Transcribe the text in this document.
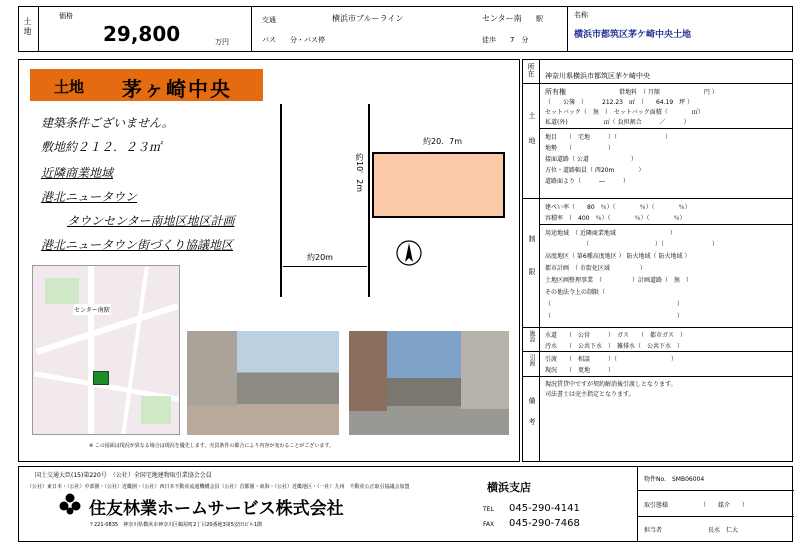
土地
価格
29,800	万円
交通	横浜市ブルーライン	センター南 駅
バス　　分・バス停	徒歩　　7　分
名称
横浜市都筑区茅ケ崎中央土地
土地 茅ヶ崎中央
建築条件ございません。
敷地約２１２．２３㎡
近隣商業地域
港北ニュータウン
タウンセンター南地区地区計画
港北ニュータウン街づくり協議地区
約20．7m
約10．2m
約20m
センター南駅
※ この図面は現況が異なる場合は現況を優先します。売買条件の都合により内容が変わることがございます。
所在 神奈川県横浜市都筑区茅ケ崎中央
土地
所有権	借地料　（ 月額　　　　　　　 円 ）
（　　公簿　）　　　212.23　㎡　（　　64.19　坪 ）
セットバック（　無　）　セットバック面積（　　　　㎡）
私道(外)　　　　　　㎡（ 負担割合　　　／　　　）
地目　　（　宅地　　　）（　　　　　　　　）
地勢　　（　　　　　　）
接面道路（ 公道　　　　　　　）
方位・道路幅員（ 西20m　　　　）
道路面より（　　　―　　　）
制限
建ぺい率（　　80　％）（　　　　％）（　　　　％）
容積率　（　400　％）（　　　　％）（　　　　％）
用途地域　（ 近隣商業地域　　　　　　　　　）
（　　　　　　　　　　　）（　　　　　　　　）
高度地区（ 第6種高度地区 ） 防火地域（ 防火地域 ）
都市計画　（ 市街化区域　　　　　）
土地区画整理事業　（　　　　　）計画道路（　無　）
その他法令上の制限（
（　　　　　　　　　　　　　　　　　　　　　）
（　　　　　　　　　　　　　　　　　　　　　）
施設 水道　　（　公営　　　）　ガス　　（　都市ガス　）
汚水　　（　公共下水　）　雑排水（　公共下水　）
引渡 引渡　　（　相談　　　）（　　　　　　　　　）
現況　　（　更地　　　）
備考
現況賃貸中ですが契約解消後引渡しとなります。
司法書士は売主指定となります。
国土交通大臣(15)第220号　（公社）全国宅地建物取引業協会会員
（公社）東日本・（公社）中部圏・（公社）近畿圏・（公社）西日本不動産流通機構会員（公社）首都圏・東海・（公社）近畿地区・（一社）九州　不動産公正取引協議会加盟
住友林業ホームサービス株式会社
〒221-0835　神奈川県横浜市神奈川区鶴屋町2丁目20番地3第5安田ビル1階
横浜支店
TEL 045-290-4141
FAX 045-290-7468
物件No.　SMB06004
取引態様	（　　媒介　　）
担当者	長水　仁大
